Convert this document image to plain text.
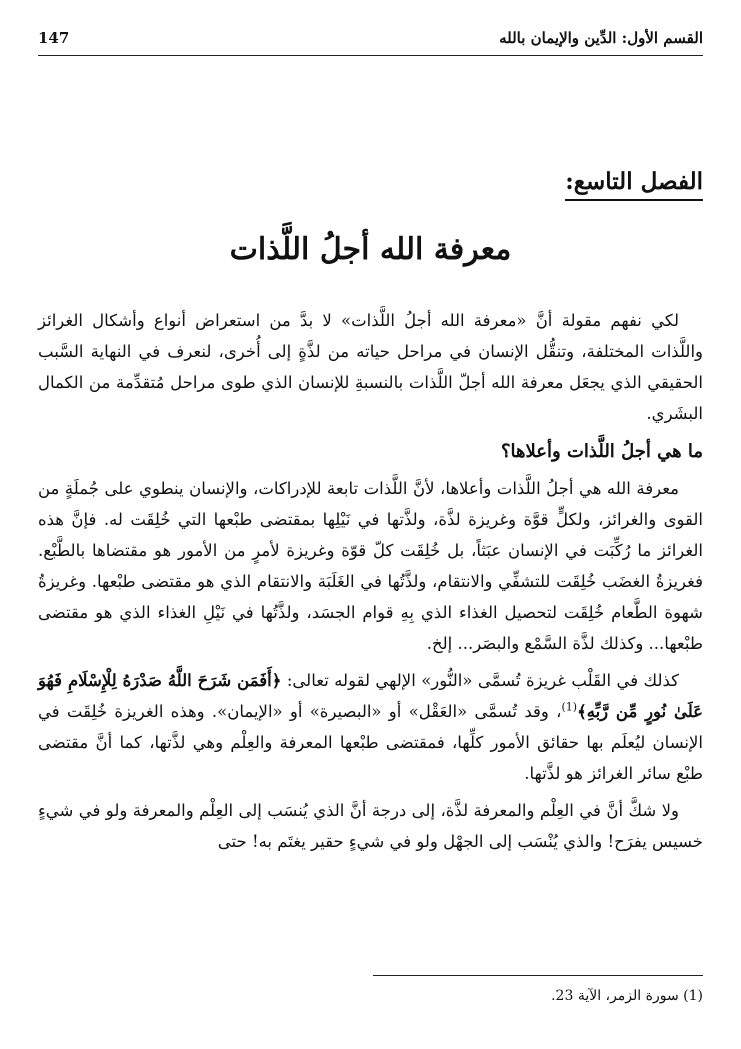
القسم الأول: الدِّين والإيمان بالله
147
الفصل التاسع:
معرفة الله أجلُ اللَّذات

لكي نفهم مقولة أنَّ «معرفة الله أجلُ اللَّذات» لا بدَّ من استعراض أنواع وأشكال الغرائز واللَّذات المختلفة، وتنقُّل الإنسان في مراحل حياته من لذَّةٍ إلى أُخرى، لنعرف في النهاية السَّبب الحقيقي الذي يجعَل معرفة الله أجلّ اللَّذات بالنسبةِ للإنسان الذي طوى مراحل مُتقدِّمة من الكمال البشَري.

ما هي أجلُ اللَّذات وأعلاها؟

معرفة الله هي أجلُ اللَّذات وأعلاها، لأنَّ اللَّذات تابعة للإدراكات، والإنسان ينطوي على جُملَةٍ من القوى والغرائز، ولكلٍّ قوَّة وغريزة لذَّة، ولذَّتها في نَيْلِها بمقتضى طبْعها التي خُلِقَت له. فإنَّ هذه الغرائز ما رُكِّبَت في الإنسان عبَثاً، بل خُلِقَت كلّ قوّة وغريزة لأمرٍ من الأمور هو مقتضاها بالطَّبْع. فغريزةُ الغضَب خُلِقَت للتشفِّي والانتقام، ولذَّتُها في الغَلَبَة والانتقام الذي هو مقتضى طبْعها. وغريزةُ شهوة الطَّعام خُلِقَت لتحصيل الغذاء الذي بِهِ قوام الجسَد، ولذَّتُها في نَيْلِ الغذاء الذي هو مقتضى طبْعها... وكذلك لذَّة السَّمْع والبصَر... إلخ.

كذلك في القَلْب غريزة تُسمَّى «النُّور» الإلهي لقوله تعالى: ﴿أَفَمَن شَرَحَ اللَّهُ صَدْرَهُ لِلْإِسْلَامِ فَهُوَ عَلَىٰ نُورٍ مِّن رَّبِّهِ﴾$^{(1)}$، وقد تُسمَّى «العَقْل» أو «البصيرة» أو «الإيمان». وهذه الغريزة خُلِقَت في الإنسان ليُعلَم بها حقائق الأمور كلِّها، فمقتضى طبْعها المعرفة والعِلْم وهي لذَّتها، كما أنَّ مقتضى طبْع سائر الغرائز هو لذَّتها.

ولا شكَّ أنَّ في العِلْم والمعرفة لذَّة، إلى درجة أنَّ الذي يُنسَب إلى العِلْم والمعرفة ولو في شيءٍ خسيس يفرَح! والذي يُنْسَب إلى الجهْل ولو في شيءٍ حقير يغتَم به! حتى

(1) سورة الزمر، الآية 23.
